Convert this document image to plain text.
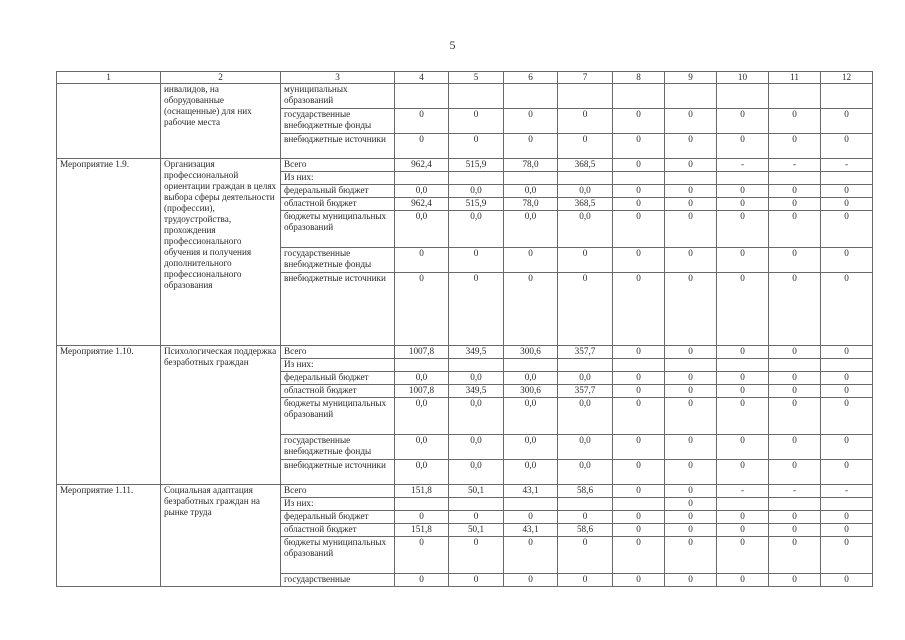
5
1	2	3	4	5	6	7	8	9	10	11	12
	инвалидов, на оборудованные (оснащенные) для них рабочие места	муниципальных образований									
		государственные внебюджетные фонды	0	0	0	0	0	0	0	0	0
		внебюджетные источники	0	0	0	0	0	0	0	0	0
Мероприятие 1.9.	Организация профессиональной ориентации граждан в целях выбора сферы деятельности (профессии), трудоустройства, прохождения профессионального обучения и получения дополнительного профессионального образования	Всего	962,4	515,9	78,0	368,5	0	0	-	-	-
		Из них:									
		федеральный бюджет	0,0	0,0	0,0	0,0	0	0	0	0	0
		областной бюджет	962,4	515,9	78,0	368,5	0	0	0	0	0
		бюджеты муниципальных образований	0,0	0,0	0,0	0,0	0	0	0	0	0
		государственные внебюджетные фонды	0	0	0	0	0	0	0	0	0
		внебюджетные источники	0	0	0	0	0	0	0	0	0
Мероприятие 1.10.	Психологическая поддержка безработных граждан	Всего	1007,8	349,5	300,6	357,7	0	0	0	0	0
		Из них:									
		федеральный бюджет	0,0	0,0	0,0	0,0	0	0	0	0	0
		областной бюджет	1007,8	349,5	300,6	357,7	0	0	0	0	0
		бюджеты муниципальных образований	0,0	0,0	0,0	0,0	0	0	0	0	0
		государственные внебюджетные фонды	0,0	0,0	0,0	0,0	0	0	0	0	0
		внебюджетные источники	0,0	0,0	0,0	0,0	0	0	0	0	0
Мероприятие 1.11.	Социальная адаптация безработных граждан на рынке труда	Всего	151,8	50,1	43,1	58,6	0	0	-	-	-
		Из них:						0			
		федеральный бюджет	0	0	0	0	0	0	0	0	0
		областной бюджет	151,8	50,1	43,1	58,6	0	0	0	0	0
		бюджеты муниципальных образований	0	0	0	0	0	0	0	0	0
		государственные	0	0	0	0	0	0	0	0	0
